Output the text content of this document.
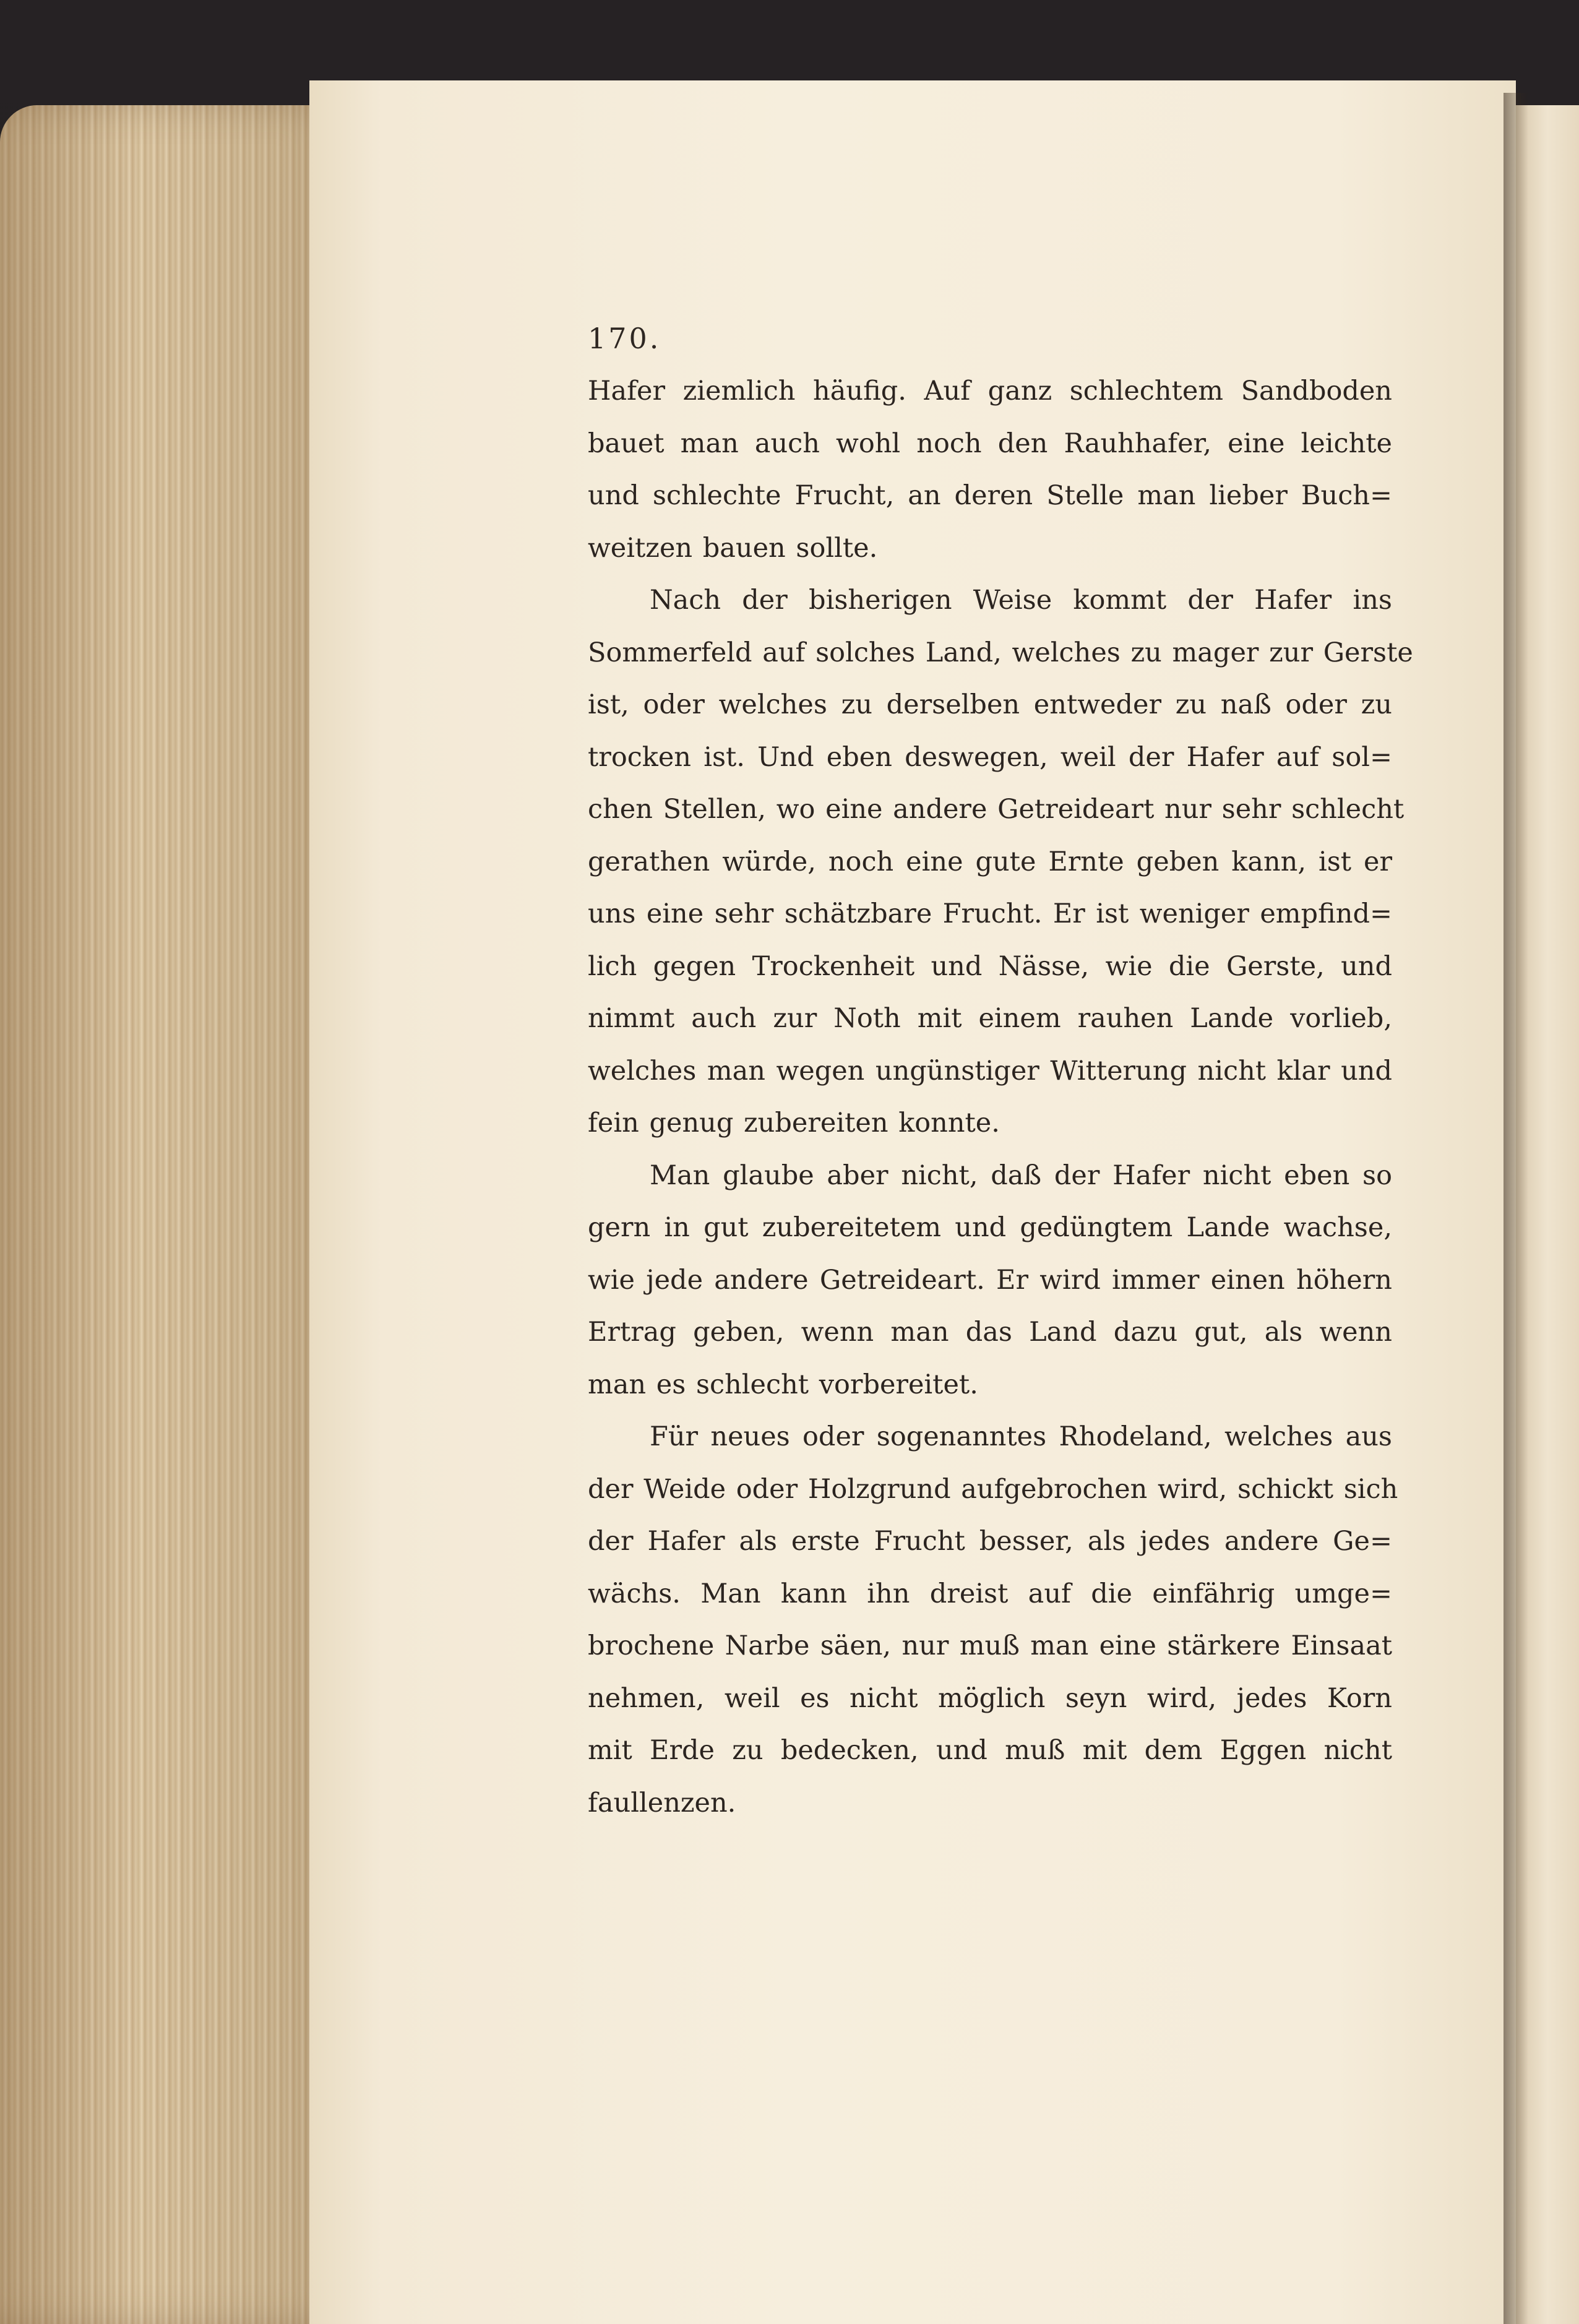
170.

Hafer ziemlich häufig. Auf ganz schlechtem Sandboden
bauet man auch wohl noch den Rauhhafer, eine leichte
und schlechte Frucht, an deren Stelle man lieber Buch=
weitzen bauen sollte.

Nach der bisherigen Weise kommt der Hafer ins
Sommerfeld auf solches Land, welches zu mager zur Gerste
ist, oder welches zu derselben entweder zu naß oder zu
trocken ist. Und eben deswegen, weil der Hafer auf sol=
chen Stellen, wo eine andere Getreideart nur sehr schlecht
gerathen würde, noch eine gute Ernte geben kann, ist er
uns eine sehr schätzbare Frucht. Er ist weniger empfind=
lich gegen Trockenheit und Nässe, wie die Gerste, und
nimmt auch zur Noth mit einem rauhen Lande vorlieb,
welches man wegen ungünstiger Witterung nicht klar und
fein genug zubereiten konnte.

Man glaube aber nicht, daß der Hafer nicht eben so
gern in gut zubereitetem und gedüngtem Lande wachse,
wie jede andere Getreideart. Er wird immer einen höhern
Ertrag geben, wenn man das Land dazu gut, als wenn
man es schlecht vorbereitet.

Für neues oder sogenanntes Rhodeland, welches aus
der Weide oder Holzgrund aufgebrochen wird, schickt sich
der Hafer als erste Frucht besser, als jedes andere Ge=
wächs. Man kann ihn dreist auf die einfährig umge=
brochene Narbe säen, nur muß man eine stärkere Einsaat
nehmen, weil es nicht möglich seyn wird, jedes Korn
mit Erde zu bedecken, und muß mit dem Eggen nicht
faullenzen.
